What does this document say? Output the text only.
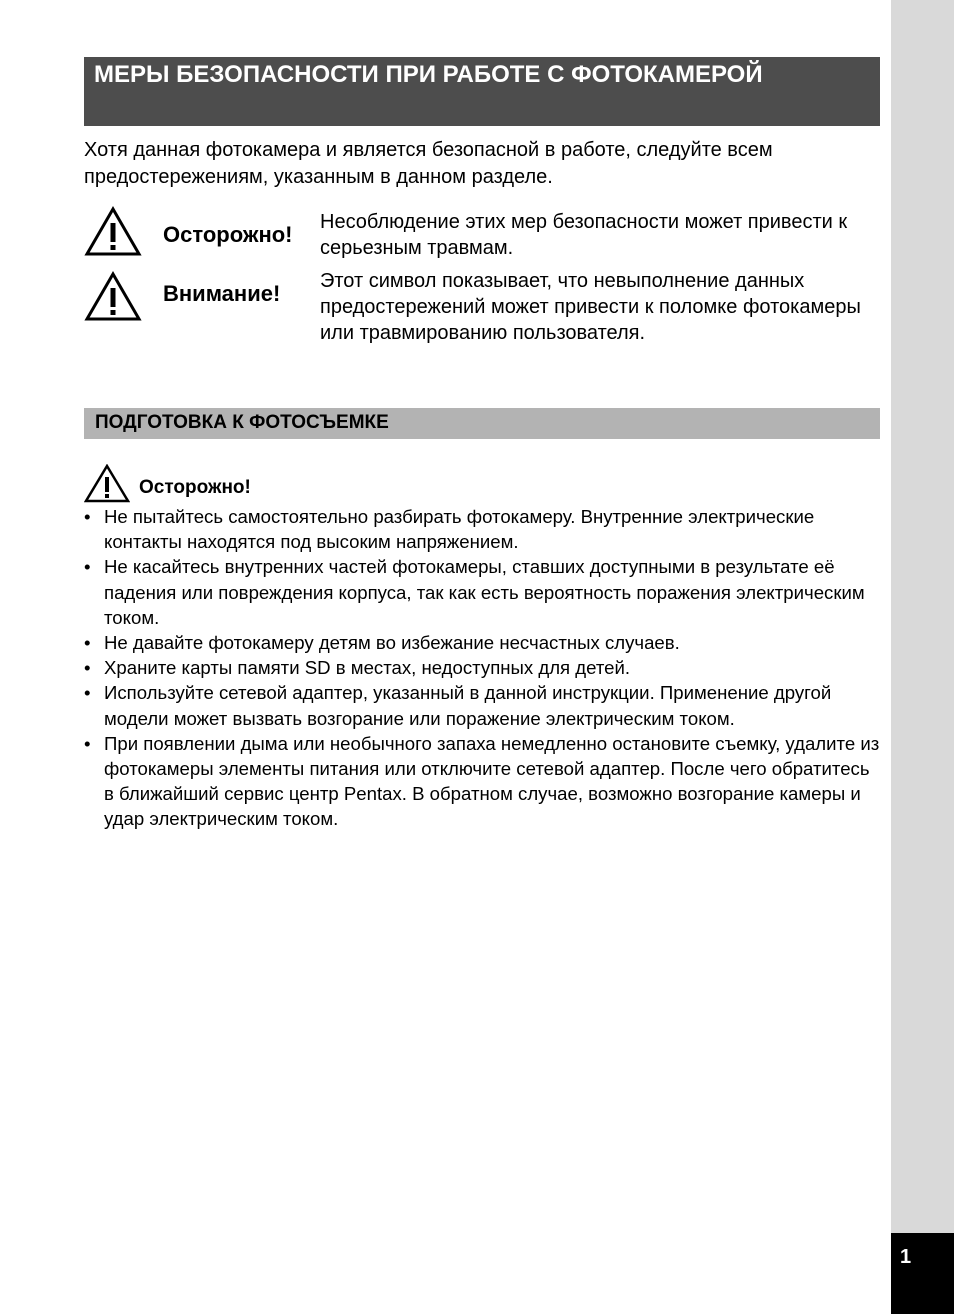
1
МЕРЫ БЕЗОПАСНОСТИ ПРИ РАБОТЕ С ФОТОКАМЕРОЙ
Хотя данная фотокамера и является безопасной в работе, следуйте всем предостережениям, указанным в данном разделе.
Осторожно! Несоблюдение этих мер безопасности может привести к серьезным травмам.
Внимание! Этот символ показывает, что невыполнение данных предостережений может привести к поломке фотокамеры или травмированию пользователя.
ПОДГОТОВКА К ФОТОСЪЕМКЕ
Осторожно!
• Не пытайтесь самостоятельно разбирать фотокамеру. Внутренние электрические контакты находятся под высоким напряжением.
• Не касайтесь внутренних частей фотокамеры, ставших доступными в результате её падения или повреждения корпуса, так как есть вероятность поражения электрическим током.
• Не давайте фотокамеру детям во избежание несчастных случаев.
• Храните карты памяти SD в местах, недоступных для детей.
• Используйте сетевой адаптер, указанный в данной инструкции. Применение другой модели может вызвать возгорание или поражение электрическим током.
• При появлении дыма или необычного запаха немедленно остановите съемку, удалите из фотокамеры элементы питания или отключите сетевой адаптер. После чего обратитесь в ближайший сервис центр Pentax. В обратном случае, возможно возгорание камеры и удар электрическим током.
